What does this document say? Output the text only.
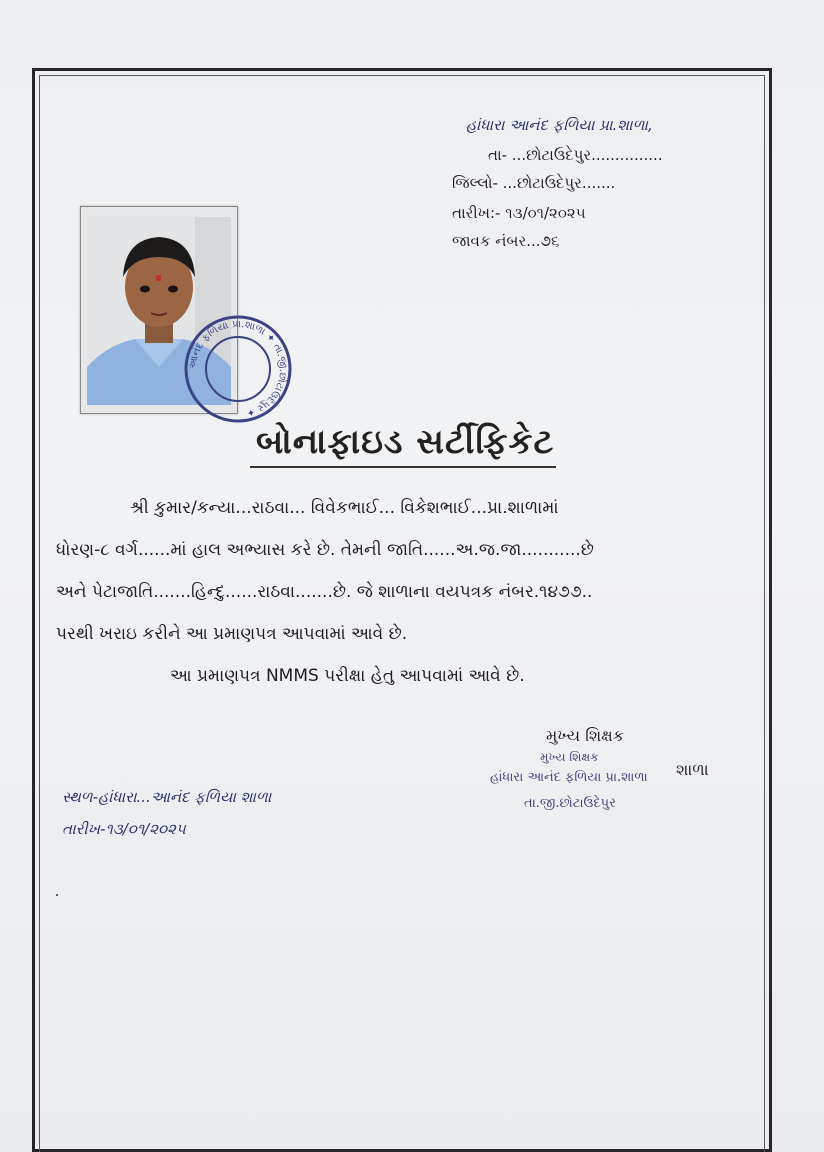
હાંધારા આનંદ ફળિયા પ્રા.શાળા,
તા- ...છોટાઉદેપુર...............
જિલ્લો- ...છોટાઉદેપુર.......
તારીખ:- ૧૩/૦૧/૨૦૨૫
જાવક નંબર...૭૬
આનંદ ફળિયા પ્રા.શાળા ✦ તા.જી.છોટાઉદેપુર ✦
બોનાફાઇડ સર્ટીફિકેટ
શ્રી કુમાર/કન્યા...રાઠવા... વિવેકભાઈ... વિકેશભાઈ...પ્રા.શાળામાં
ધોરણ-૮ વર્ગ......માં હાલ અભ્યાસ કરે છે. તેમની જાતિ......અ.જ.જા...........છે
અને પેટાજાતિ.......હિન્દુ......રાઠવા.......છે. જે શાળાના વયપત્રક નંબર.૧૪૭૭..
પરથી ખરાઇ કરીને આ પ્રમાણપત્ર આપવામાં આવે છે.
આ પ્રમાણપત્ર NMMS પરીક્ષા હેતુ આપવામાં આવે છે.
મુખ્ય શિક્ષક
મુખ્ય શિક્ષક
હાંધારા આનંદ ફળિયા પ્રા.શાળા શાળા
તા.જી.છોટાઉદેપુર
સ્થળ-હાંધારા...આનંદ ફળિયા શાળા
તારીખ-૧૩/૦૧/૨૦૨૫
